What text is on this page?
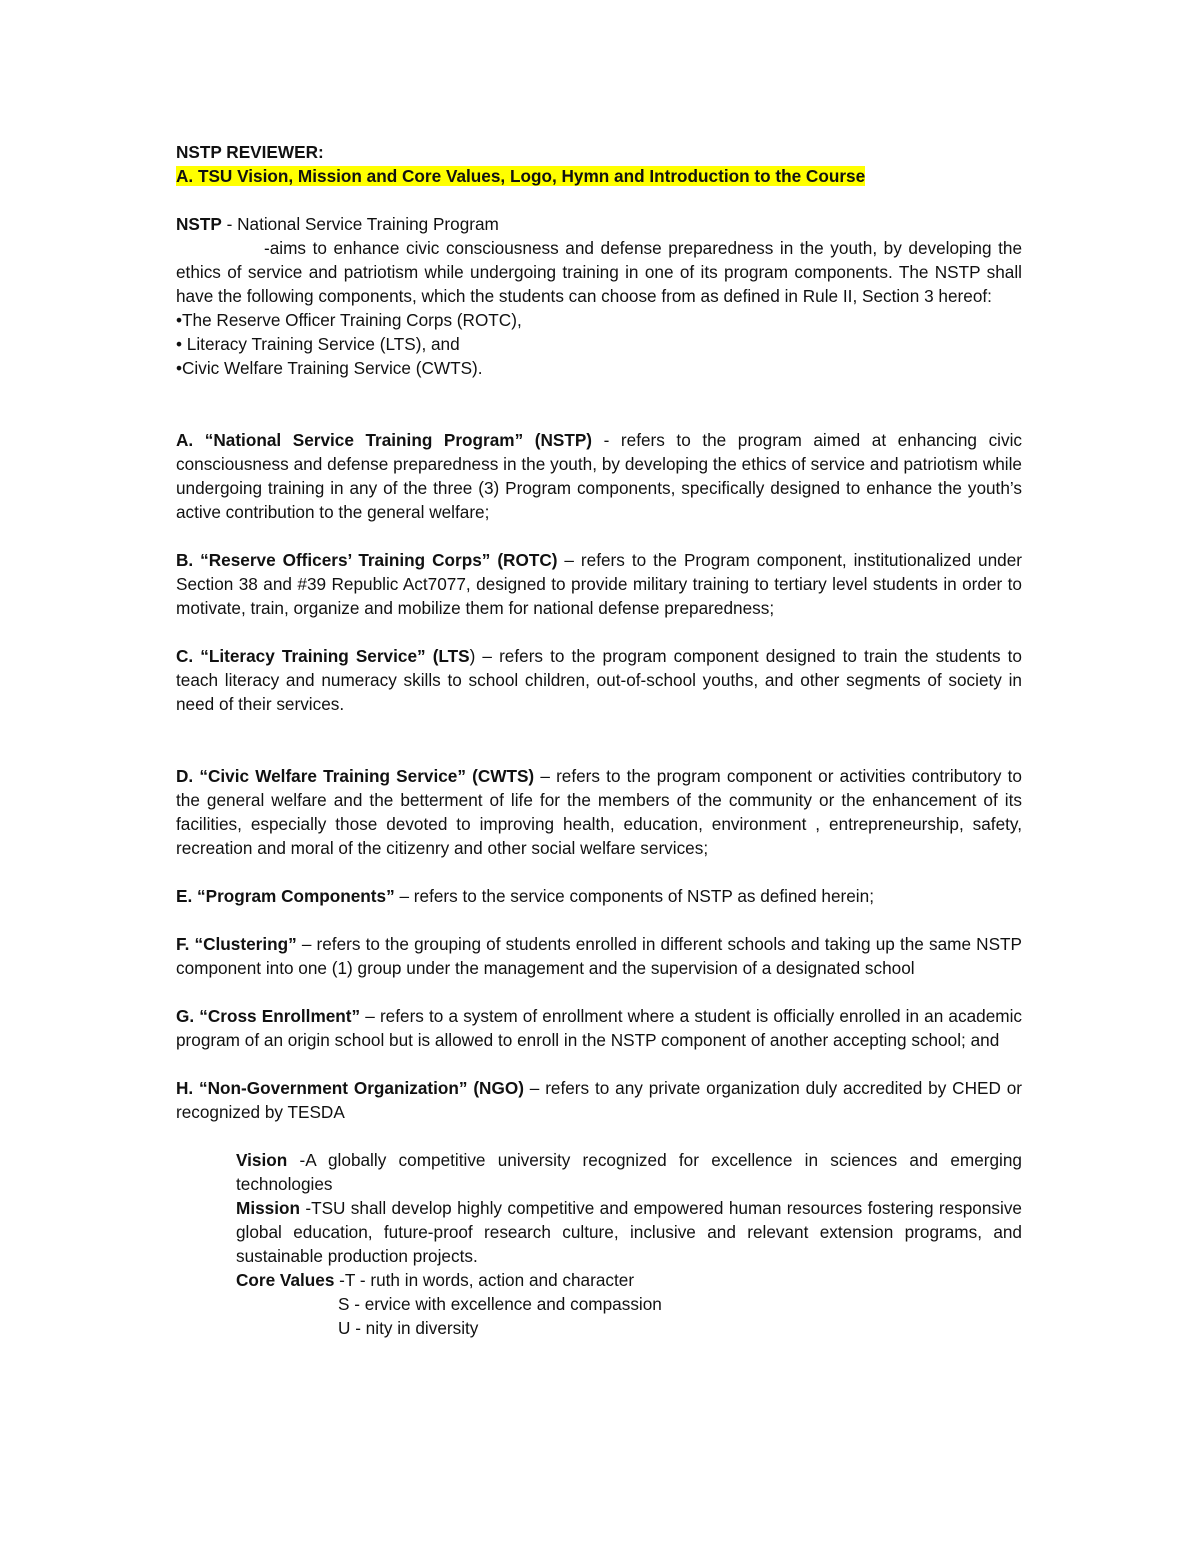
NSTP REVIEWER:
A. TSU Vision, Mission and Core Values, Logo, Hymn and Introduction to the Course
NSTP - National Service Training Program
-aims to enhance civic consciousness and defense preparedness in the youth, by developing the ethics of service and patriotism while undergoing training in one of its program components. The NSTP shall have the following components, which the students can choose from as defined in Rule II, Section 3 hereof:
•The Reserve Officer Training Corps (ROTC),
• Literacy Training Service (LTS), and
•Civic Welfare Training Service (CWTS).
A. “National Service Training Program” (NSTP) - refers to the program aimed at enhancing civic consciousness and defense preparedness in the youth, by developing the ethics of service and patriotism while undergoing training in any of the three (3) Program components, specifically designed to enhance the youth’s active contribution to the general welfare;
B. “Reserve Officers’ Training Corps” (ROTC) – refers to the Program component, institutionalized under Section 38 and #39 Republic Act7077, designed to provide military training to tertiary level students in order to motivate, train, organize and mobilize them for national defense preparedness;
C. “Literacy Training Service” (LTS) – refers to the program component designed to train the students to teach literacy and numeracy skills to school children, out-of-school youths, and other segments of society in need of their services.
D. “Civic Welfare Training Service” (CWTS) – refers to the program component or activities contributory to the general welfare and the betterment of life for the members of the community or the enhancement of its facilities, especially those devoted to improving health, education, environment , entrepreneurship, safety, recreation and moral of the citizenry and other social welfare services;
E. “Program Components” – refers to the service components of NSTP as defined herein;
F. “Clustering” – refers to the grouping of students enrolled in different schools and taking up the same NSTP component into one (1) group under the management and the supervision of a designated school
G. “Cross Enrollment” – refers to a system of enrollment where a student is officially enrolled in an academic program of an origin school but is allowed to enroll in the NSTP component of another accepting school; and
H. “Non-Government Organization” (NGO) – refers to any private organization duly accredited by CHED or recognized by TESDA
Vision -A globally competitive university recognized for excellence in sciences and emerging technologies
Mission -TSU shall develop highly competitive and empowered human resources fostering responsive global education, future-proof research culture, inclusive and relevant extension programs, and sustainable production projects.
Core Values -T - ruth in words, action and character
S - ervice with excellence and compassion
U - nity in diversity
